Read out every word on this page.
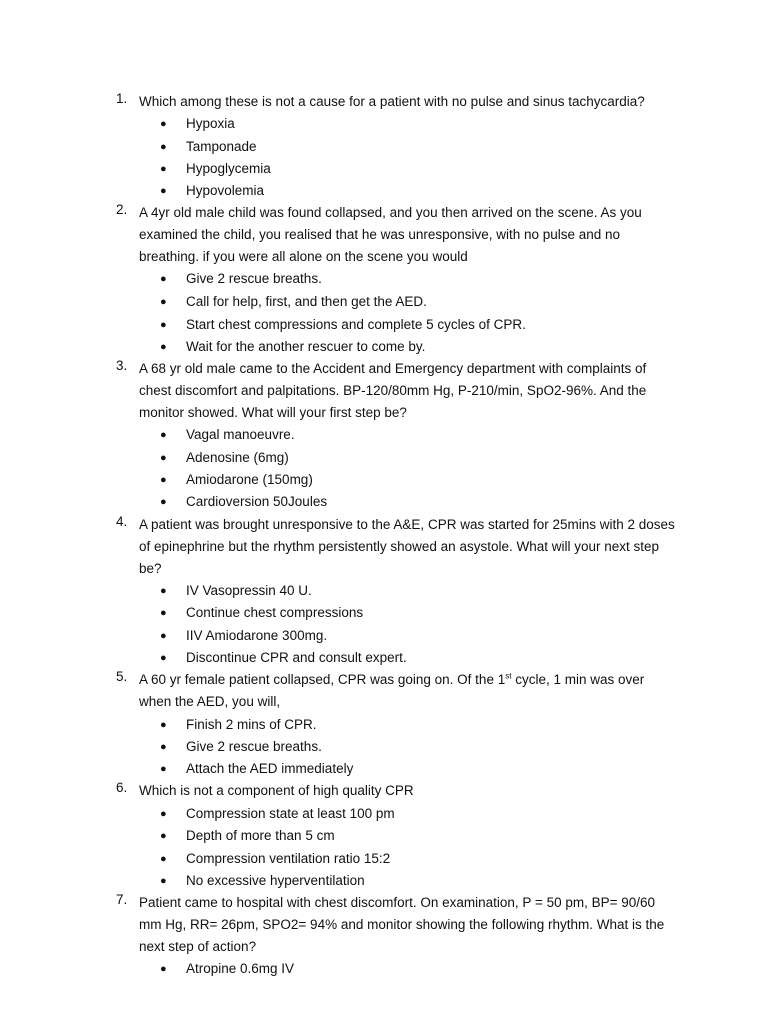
1. Which among these is not a cause for a patient with no pulse and sinus tachycardia?
● Hypoxia
● Tamponade
● Hypoglycemia
● Hypovolemia
2. A 4yr old male child was found collapsed, and you then arrived on the scene. As you examined the child, you realised that he was unresponsive, with no pulse and no breathing. if you were all alone on the scene you would
● Give 2 rescue breaths.
● Call for help, first, and then get the AED.
● Start chest compressions and complete 5 cycles of CPR.
● Wait for the another rescuer to come by.
3. A 68 yr old male came to the Accident and Emergency department with complaints of chest discomfort and palpitations. BP-120/80mm Hg, P-210/min, SpO2-96%. And the monitor showed. What will your first step be?
● Vagal manoeuvre.
● Adenosine (6mg)
● Amiodarone (150mg)
● Cardioversion 50Joules
4. A patient was brought unresponsive to the A&E, CPR was started for 25mins with 2 doses of epinephrine but the rhythm persistently showed an asystole. What will your next step be?
● IV Vasopressin 40 U.
● Continue chest compressions
● IIV Amiodarone 300mg.
● Discontinue CPR and consult expert.
5. A 60 yr female patient collapsed, CPR was going on. Of the 1st cycle, 1 min was over when the AED, you will,
● Finish 2 mins of CPR.
● Give 2 rescue breaths.
● Attach the AED immediately
6. Which is not a component of high quality CPR
● Compression state at least 100 pm
● Depth of more than 5 cm
● Compression ventilation ratio 15:2
● No excessive hyperventilation
7. Patient came to hospital with chest discomfort. On examination, P = 50 pm, BP= 90/60 mm Hg, RR= 26pm, SPO2= 94% and monitor showing the following rhythm. What is the next step of action?
● Atropine 0.6mg IV
